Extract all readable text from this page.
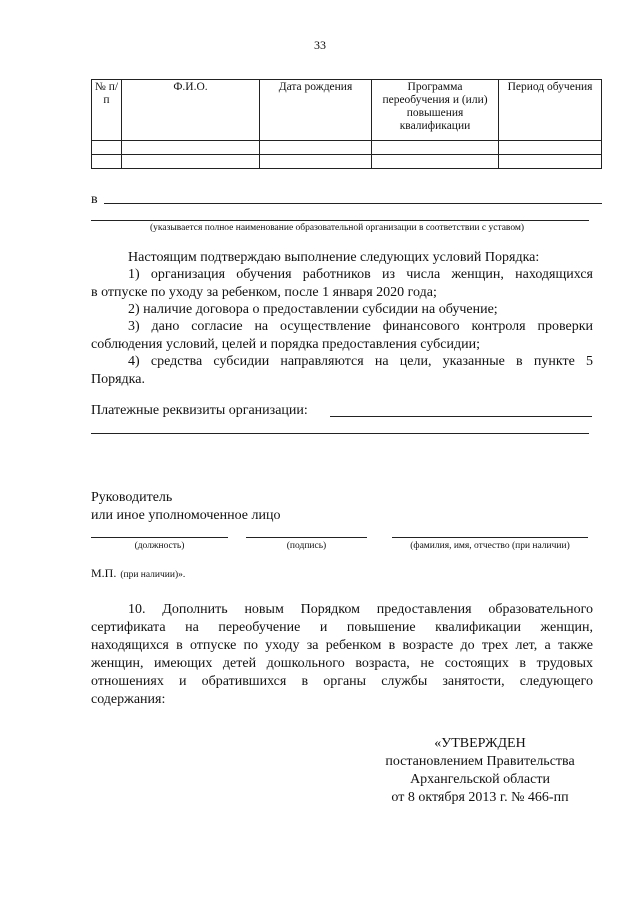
33
№ п/п	Ф.И.О.	Дата рождения	Программа переобучения и (или) повышения квалификации	Период обучения

в
(указывается полное наименование образовательной организации в соответствии с уставом)
Настоящим подтверждаю выполнение следующих условий Порядка:
1) организация обучения работников из числа женщин, находящихся
в отпуске по уходу за ребенком, после 1 января 2020 года;
2) наличие договора о предоставлении субсидии на обучение;
3) дано согласие на осуществление финансового контроля проверки
соблюдения условий, целей и порядка предоставления субсидии;
4) средства субсидии направляются на цели, указанные в пункте 5
Порядка.
Платежные реквизиты организации:
Руководитель
или иное уполномоченное лицо
(должность)	(подпись)	(фамилия, имя, отчество (при наличии)
М.П. (при наличии)».
10. Дополнить новым Порядком предоставления образовательного
сертификата на переобучение и повышение квалификации женщин,
находящихся в отпуске по уходу за ребенком в возрасте до трех лет, а также
женщин, имеющих детей дошкольного возраста, не состоящих в трудовых
отношениях и обратившихся в органы службы занятости, следующего
содержания:
«УТВЕРЖДЕН
постановлением Правительства
Архангельской области
от 8 октября 2013 г. № 466-пп
